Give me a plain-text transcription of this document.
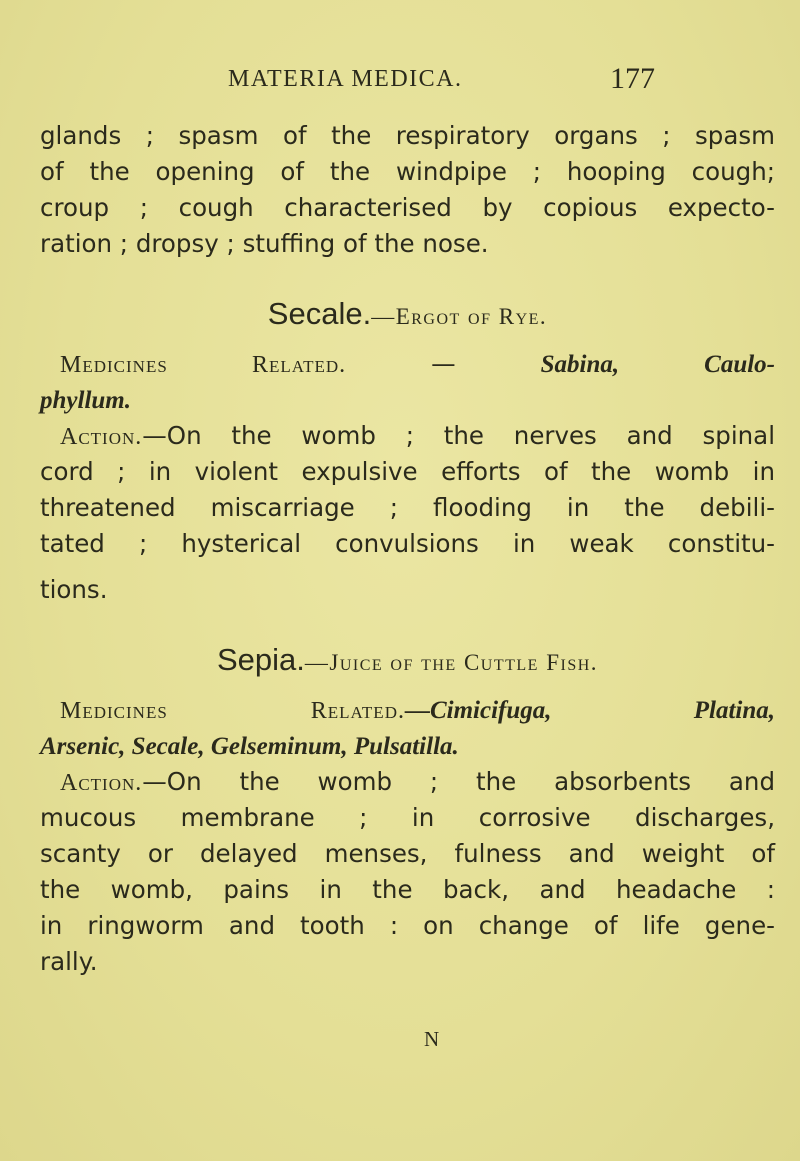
MATERIA MEDICA.	177
glands ; spasm of the respiratory organs ; spasm
of the opening of the windpipe ; hooping cough;
croup ; cough characterised by copious expecto-
ration ; dropsy ; stuffing of the nose.
Secale.—Ergot of Rye.
Medicines Related. — Sabina,	Caulo-
phyllum.
Action.—On the womb ; the nerves and spinal
cord ; in violent expulsive efforts of the womb in
threatened miscarriage ; flooding in the debili-
tated ; hysterical convulsions in weak constitu-
tions.
Sepia.—Juice of the Cuttle Fish.
Medicines Related.—Cimicifuga, Platina,
Arsenic, Secale, Gelseminum, Pulsatilla.
Action.—On the womb ; the absorbents and
mucous membrane ; in corrosive discharges,
scanty or delayed menses, fulness and weight of
the womb, pains in the back, and headache :
in ringworm and tooth : on change of life gene-
rally.
N
